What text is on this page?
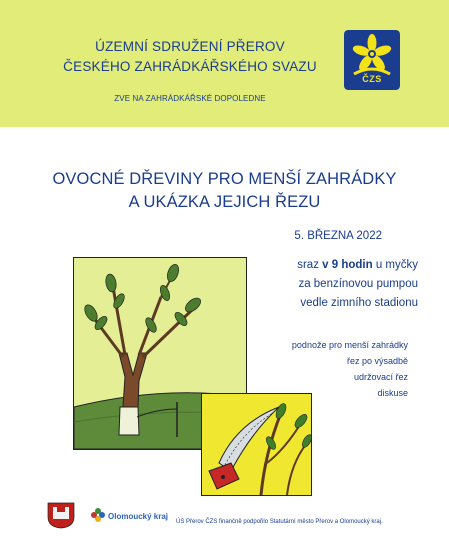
ÚZEMNÍ SDRUŽENÍ PŘEROV
ČESKÉHO ZAHRÁDKÁŘSKÉHO SVAZU
ZVE NA ZAHRÁDKÁŘSKÉ DOPOLEDNE
ČZS
OVOCNÉ DŘEVINY PRO MENŠÍ ZAHRÁDKY
A UKÁZKA JEJICH ŘEZU
5. BŘEZNA 2022
sraz v 9 hodin u myčky
za benzínovou pumpou
vedle zimního stadionu
podnože pro menší zahrádky
řez po výsadbě
udržovací řez
diskuse
Olomoucký kraj
ÚS Přerov ČZS finančně podpořilo Statutární město Přerov a Olomoucký kraj.
